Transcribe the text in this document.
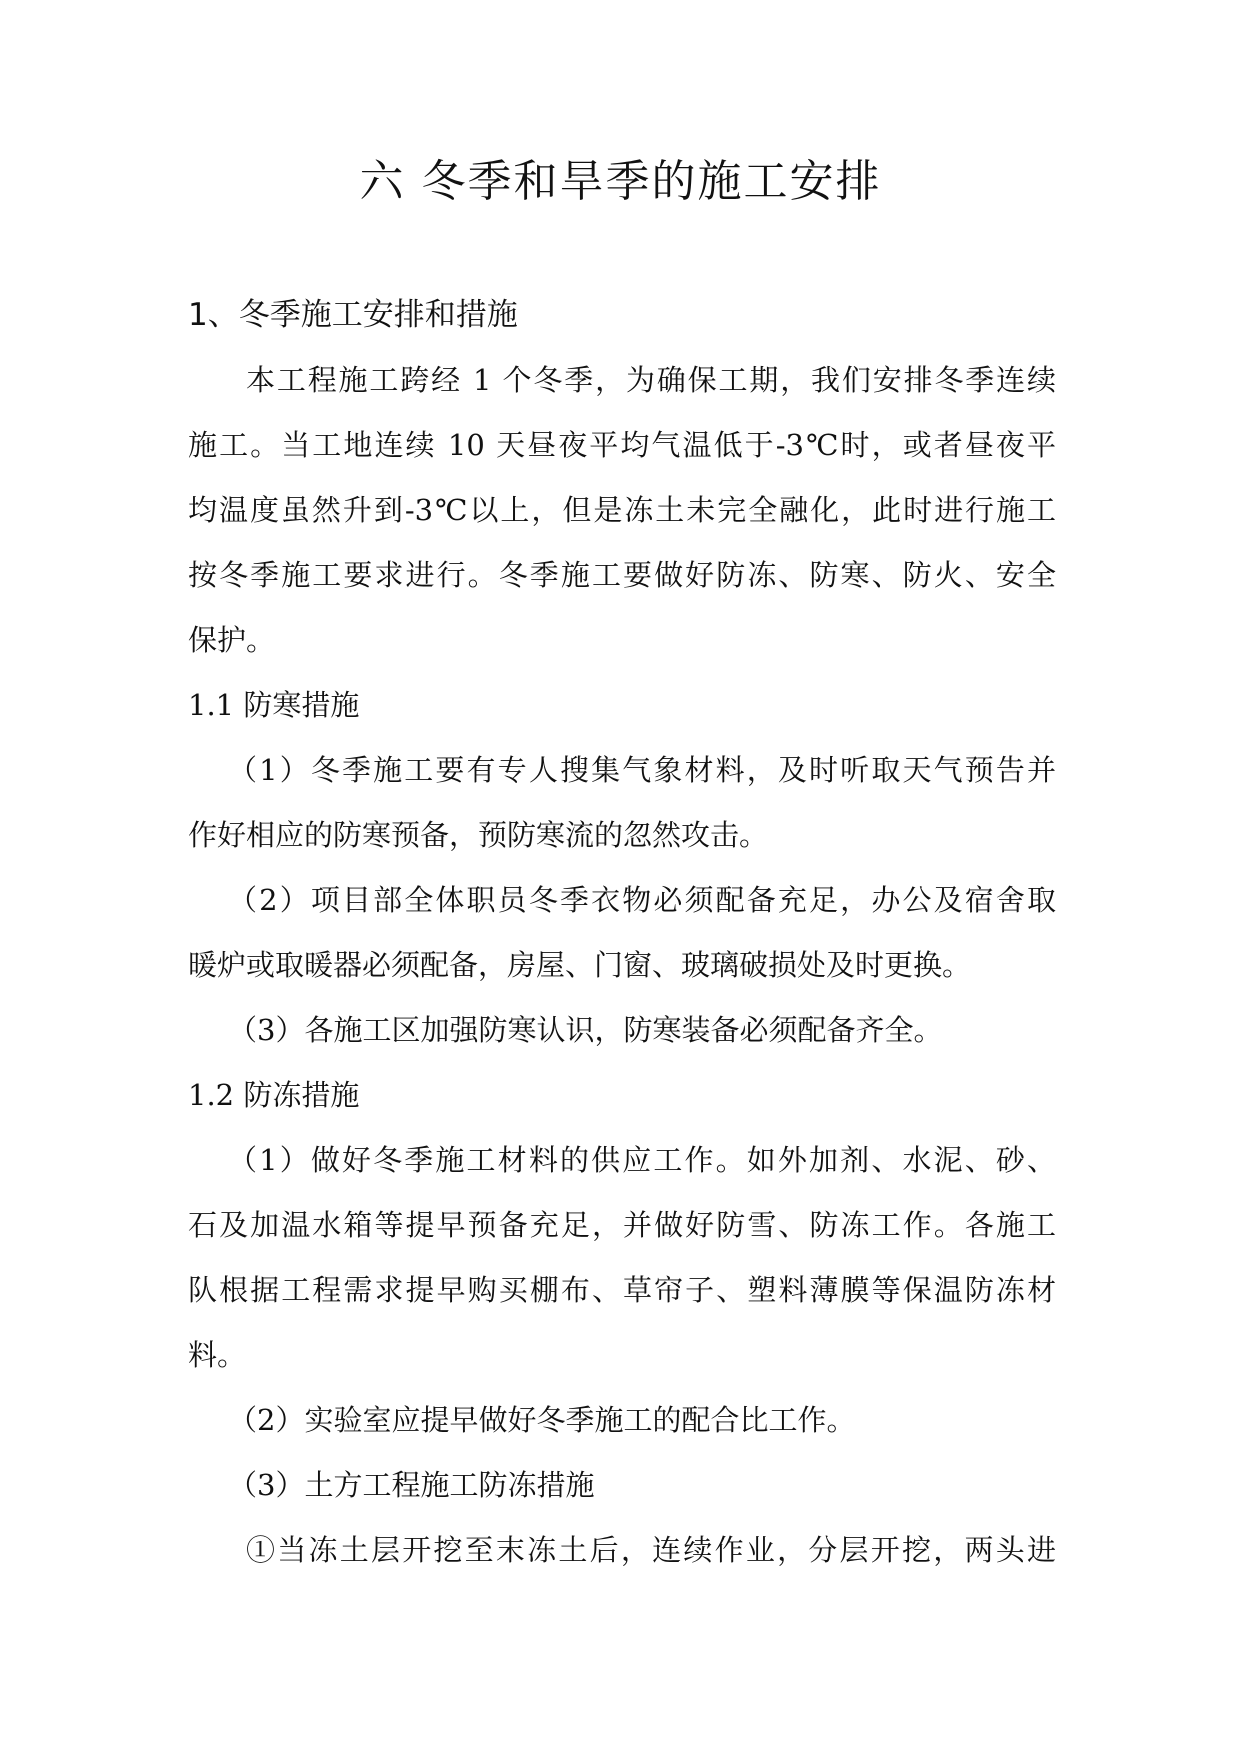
六 冬季和旱季的施工安排
1、冬季施工安排和措施
本工程施工跨经 1 个冬季，为确保工期，我们安排冬季连续
施工。当工地连续 10 天昼夜平均气温低于-3℃时，或者昼夜平
均温度虽然升到-3℃以上，但是冻土未完全融化，此时进行施工
按冬季施工要求进行。冬季施工要做好防冻、防寒、防火、安全
保护。
1.1 防寒措施
（1）冬季施工要有专人搜集气象材料，及时听取天气预告并
作好相应的防寒预备，预防寒流的忽然攻击。
（2）项目部全体职员冬季衣物必须配备充足，办公及宿舍取
暖炉或取暖器必须配备，房屋、门窗、玻璃破损处及时更换。
（3）各施工区加强防寒认识，防寒装备必须配备齐全。
1.2 防冻措施
（1）做好冬季施工材料的供应工作。如外加剂、水泥、砂、
石及加温水箱等提早预备充足，并做好防雪、防冻工作。各施工
队根据工程需求提早购买棚布、草帘子、塑料薄膜等保温防冻材
料。
（2）实验室应提早做好冬季施工的配合比工作。
（3）土方工程施工防冻措施
①当冻土层开挖至末冻土后，连续作业，分层开挖，两头进
